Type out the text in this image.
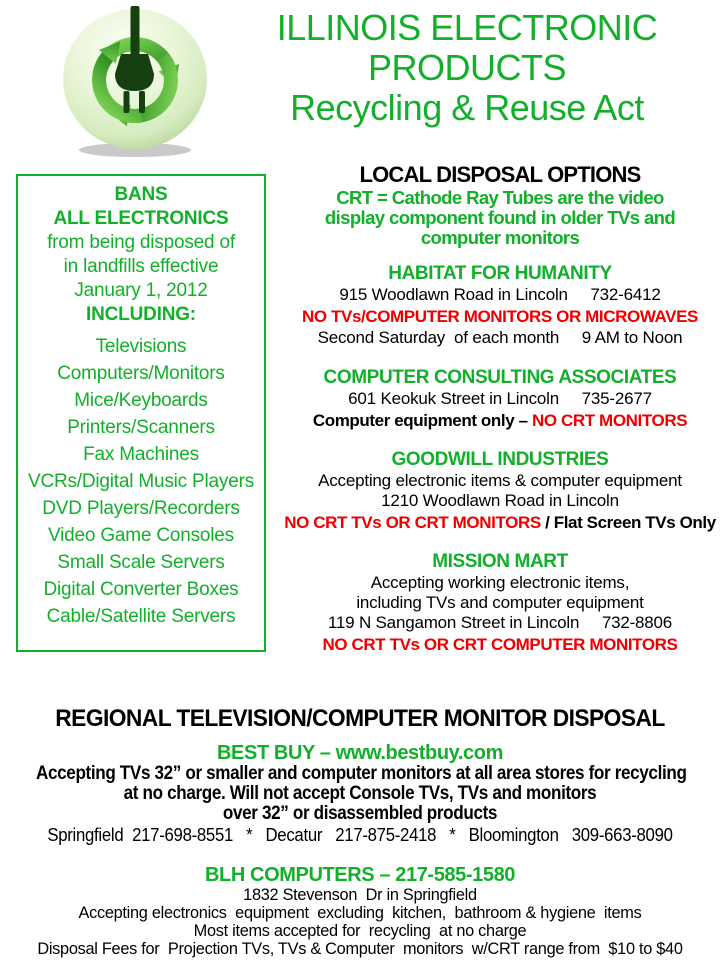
ILLINOIS ELECTRONIC
PRODUCTS
Recycling & Reuse Act
BANS
ALL ELECTRONICS
from being disposed of
in landfills effective
January 1, 2012
INCLUDING:
Televisions
Computers/Monitors
Mice/Keyboards
Printers/Scanners
Fax Machines
VCRs/Digital Music Players
DVD Players/Recorders
Video Game Consoles
Small Scale Servers
Digital Converter Boxes
Cable/Satellite Servers
LOCAL DISPOSAL OPTIONS
CRT = Cathode Ray Tubes are the video display component found in older TVs and computer monitors
HABITAT FOR HUMANITY
915 Woodlawn Road in Lincoln     732-6412
NO TVs/COMPUTER MONITORS OR MICROWAVES
Second Saturday  of each month     9 AM to Noon
COMPUTER CONSULTING ASSOCIATES
601 Keokuk Street in Lincoln     735-2677
Computer equipment only – NO CRT MONITORS
GOODWILL INDUSTRIES
Accepting electronic items & computer equipment
1210 Woodlawn Road in Lincoln
NO CRT TVs OR CRT MONITORS / Flat Screen TVs Only
MISSION MART
Accepting working electronic items,
including TVs and computer equipment
119 N Sangamon Street in Lincoln     732-8806
NO CRT TVs OR CRT COMPUTER MONITORS
REGIONAL TELEVISION/COMPUTER MONITOR DISPOSAL
BEST BUY – www.bestbuy.com
Accepting TVs 32” or smaller and computer monitors at all area stores for recycling
at no charge. Will not accept Console TVs, TVs and monitors
over 32” or disassembled products
Springfield  217-698-8551   *   Decatur   217-875-2418   *   Bloomington   309-663-8090
BLH COMPUTERS – 217-585-1580
1832 Stevenson  Dr in Springfield
Accepting electronics  equipment  excluding  kitchen,  bathroom & hygiene  items
Most items accepted for  recycling  at no charge
Disposal Fees for  Projection TVs, TVs & Computer  monitors  w/CRT range from  $10 to $40
